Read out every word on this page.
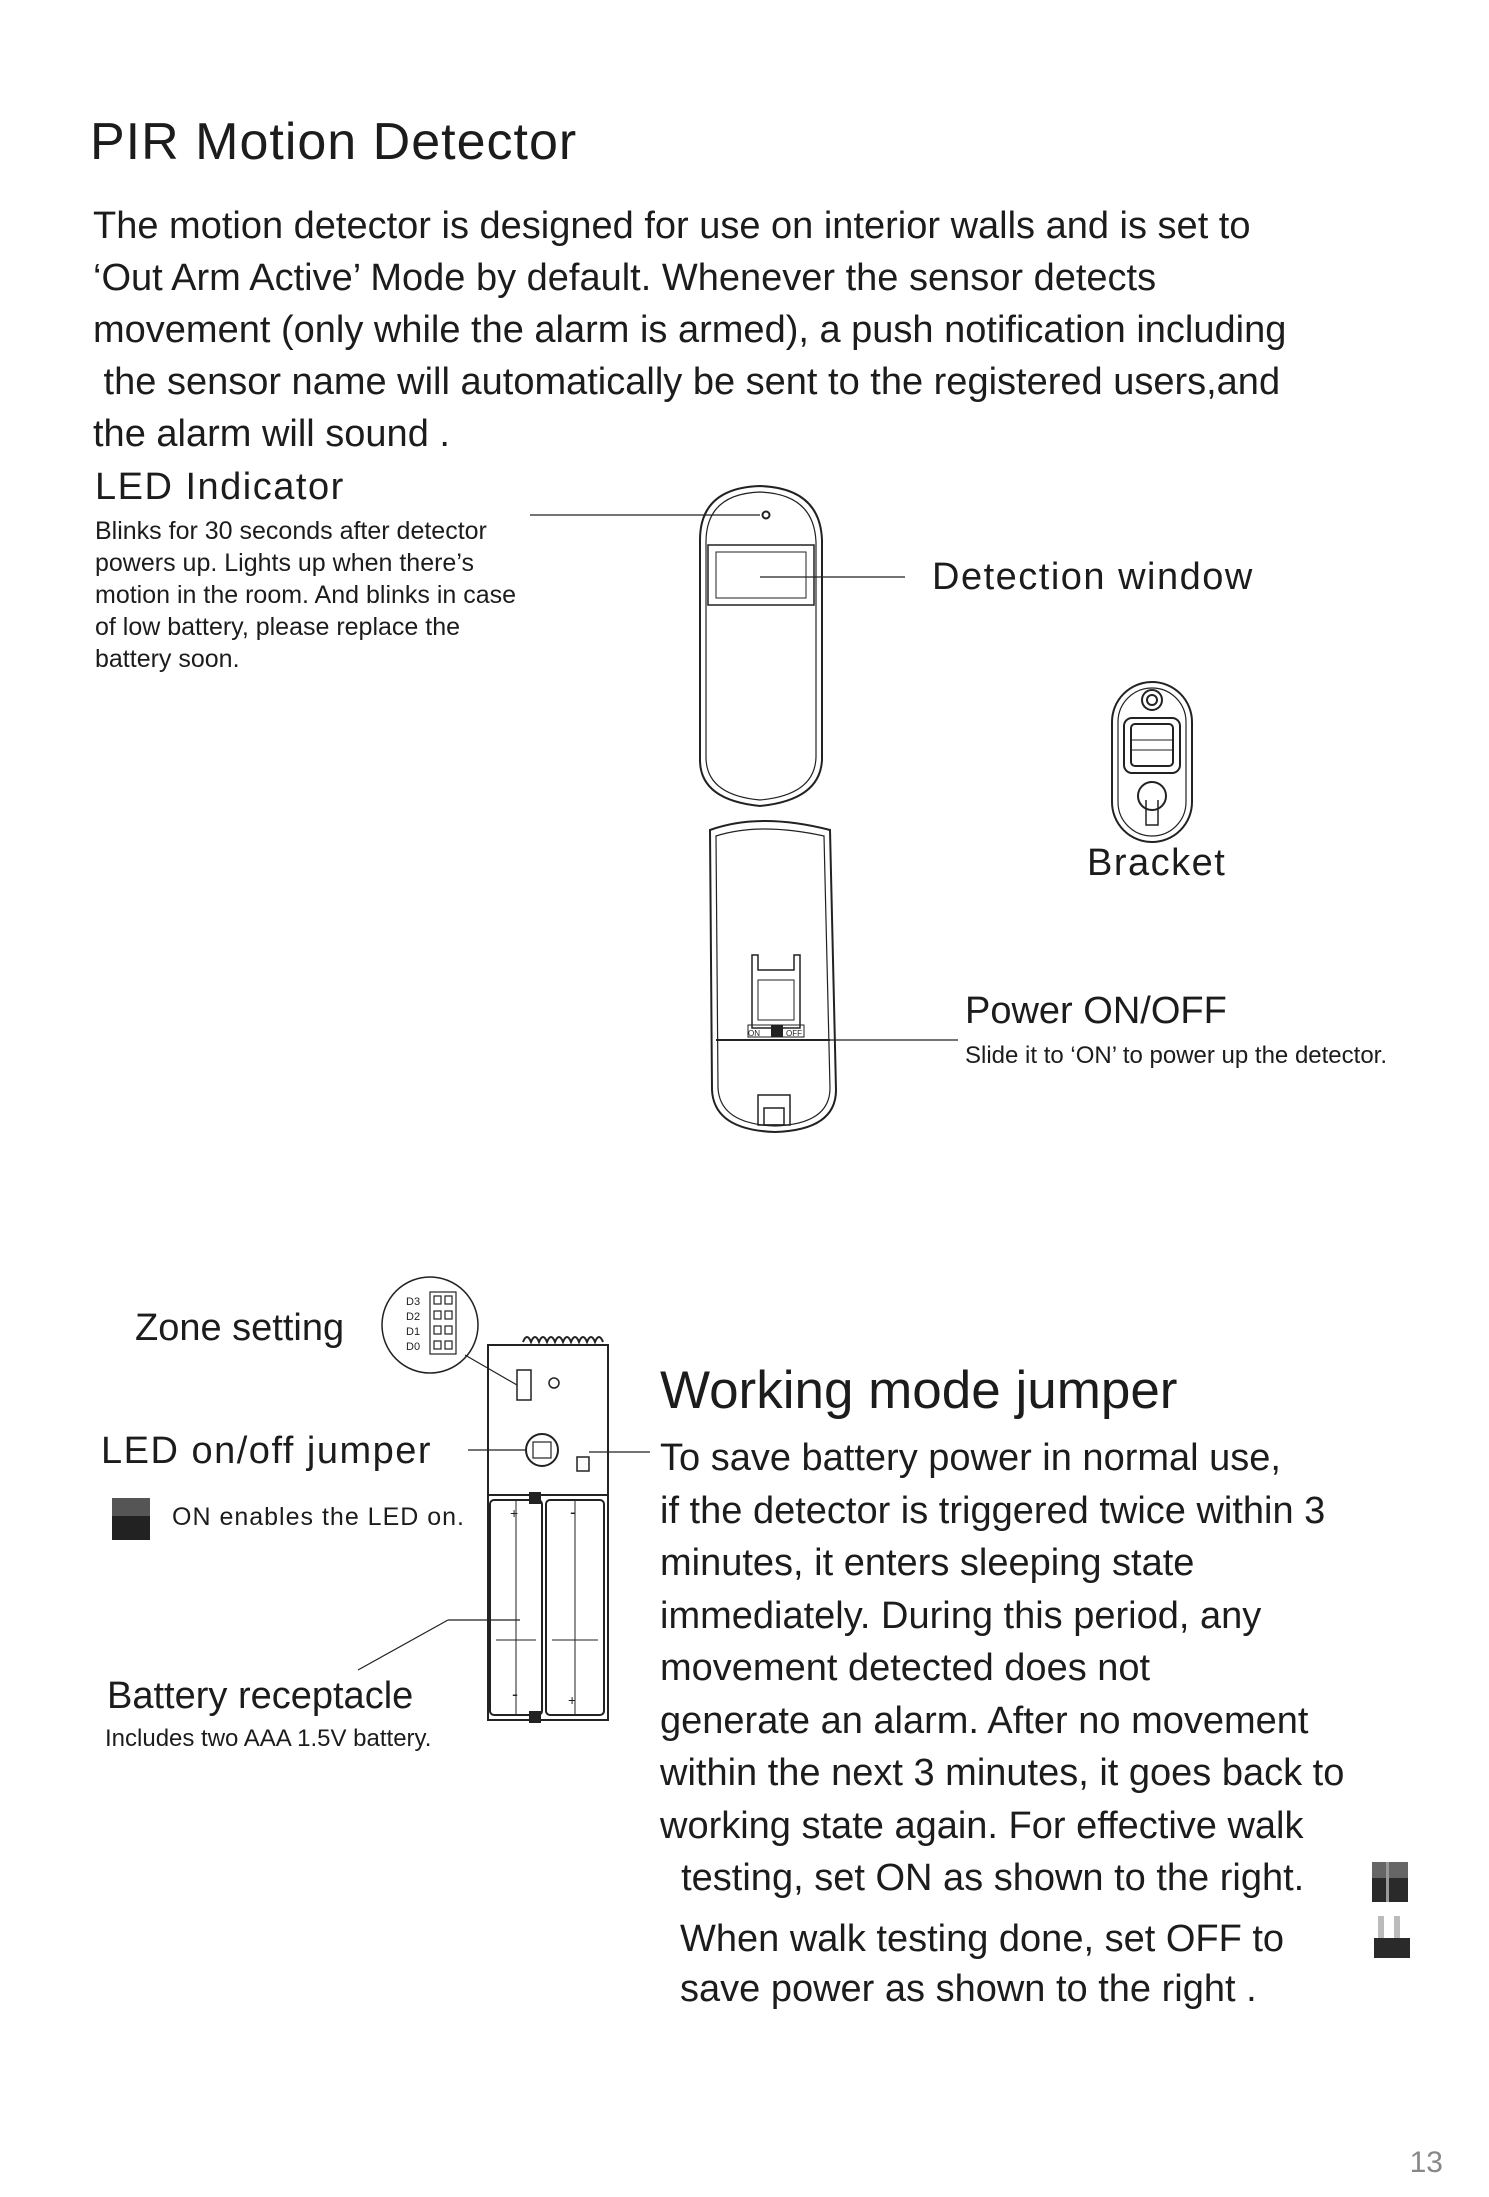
PIR Motion Detector

The motion detector is designed for use on interior walls and is set to

‘Out Arm Active’ Mode by default. Whenever the sensor detects

movement (only while the alarm is armed), a push notification including

the sensor name will automatically be sent to the registered users,and

the alarm will sound .

ON	OFF
D3
D2
D1
D0
+	-
-	+
LED Indicator
Blinks for 30 seconds after detector powers up. Lights up when there’s motion in the room. And blinks in case of low battery, please replace the battery soon.
Detection window
Bracket
Power ON/OFF
Slide it to ‘ON’ to power up the detector.
Zone setting
LED on/off jumper
ON enables the LED on.
Battery receptacle
Includes two AAA 1.5V battery.
Working mode jumper

To save battery power in normal use,

if the detector is triggered twice within 3

minutes, it enters sleeping state

immediately. During this period, any

movement detected does not

generate an alarm. After no movement

within the next 3 minutes, it goes back to

working state again. For effective walk

testing, set ON as shown to the right.

When walk testing done, set OFF to
save power as shown to the right .
13
